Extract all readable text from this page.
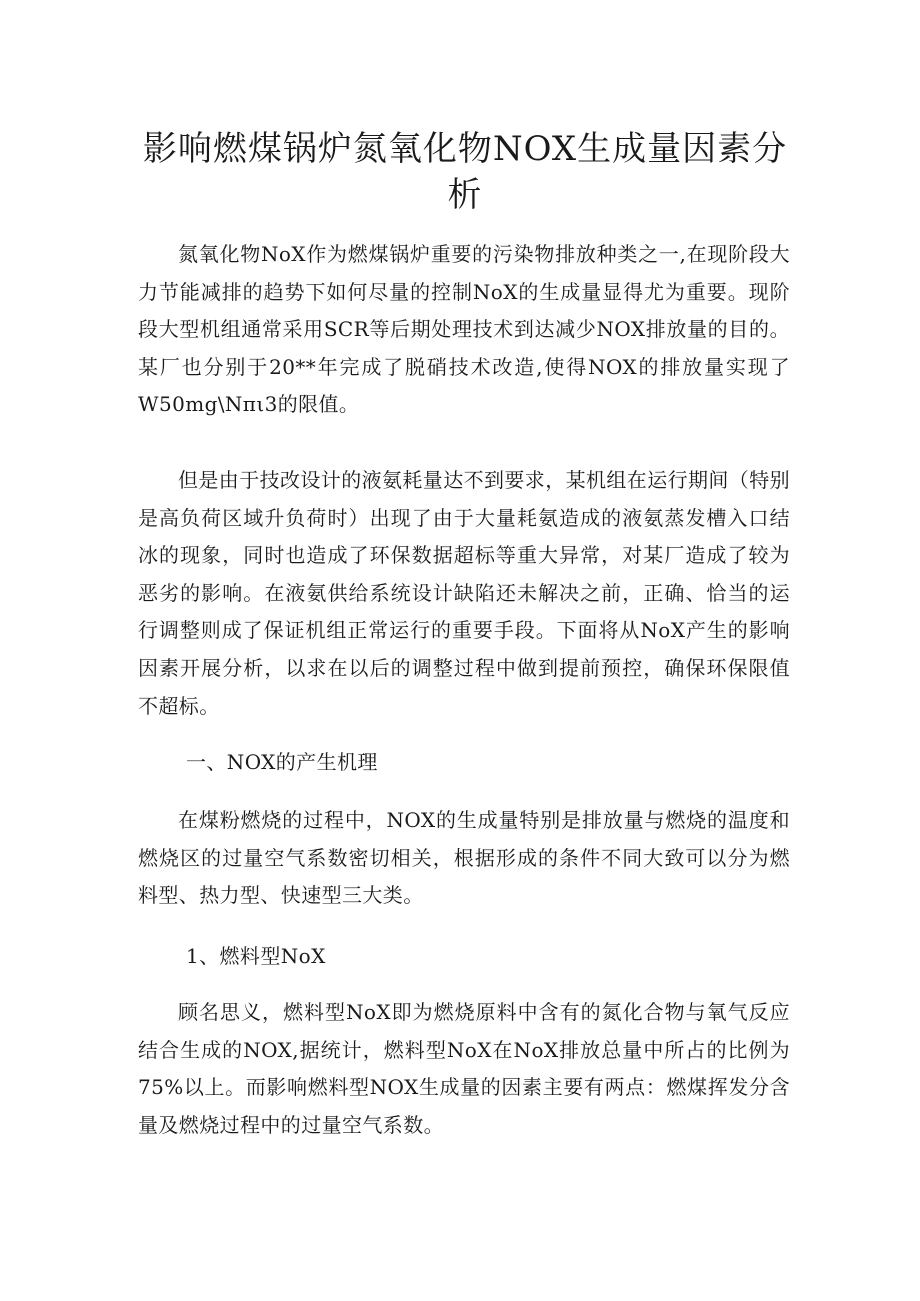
影响燃煤锅炉氮氧化物NOX生成量因素分析

氮氧化物NoX作为燃煤锅炉重要的污染物排放种类之一,在现阶段大力节能减排的趋势下如何尽量的控制NoX的生成量显得尤为重要。现阶段大型机组通常采用SCR等后期处理技术到达减少NOX排放量的目的。某厂也分别于20**年完成了脱硝技术改造,使得NOX的排放量实现了W50mg\Nπι3的限值。

但是由于技改设计的液氨耗量达不到要求，某机组在运行期间（特别是高负荷区域升负荷时）出现了由于大量耗氨造成的液氨蒸发槽入口结冰的现象，同时也造成了环保数据超标等重大异常，对某厂造成了较为恶劣的影响。在液氨供给系统设计缺陷还未解决之前，正确、恰当的运行调整则成了保证机组正常运行的重要手段。下面将从NoX产生的影响因素开展分析，以求在以后的调整过程中做到提前预控，确保环保限值不超标。

一、NOX的产生机理

在煤粉燃烧的过程中，NOX的生成量特别是排放量与燃烧的温度和燃烧区的过量空气系数密切相关，根据形成的条件不同大致可以分为燃料型、热力型、快速型三大类。

1、燃料型NoX

顾名思义，燃料型NoX即为燃烧原料中含有的氮化合物与氧气反应结合生成的NOX,据统计，燃料型NoX在NoX排放总量中所占的比例为75%以上。而影响燃料型NOX生成量的因素主要有两点：燃煤挥发分含量及燃烧过程中的过量空气系数。
